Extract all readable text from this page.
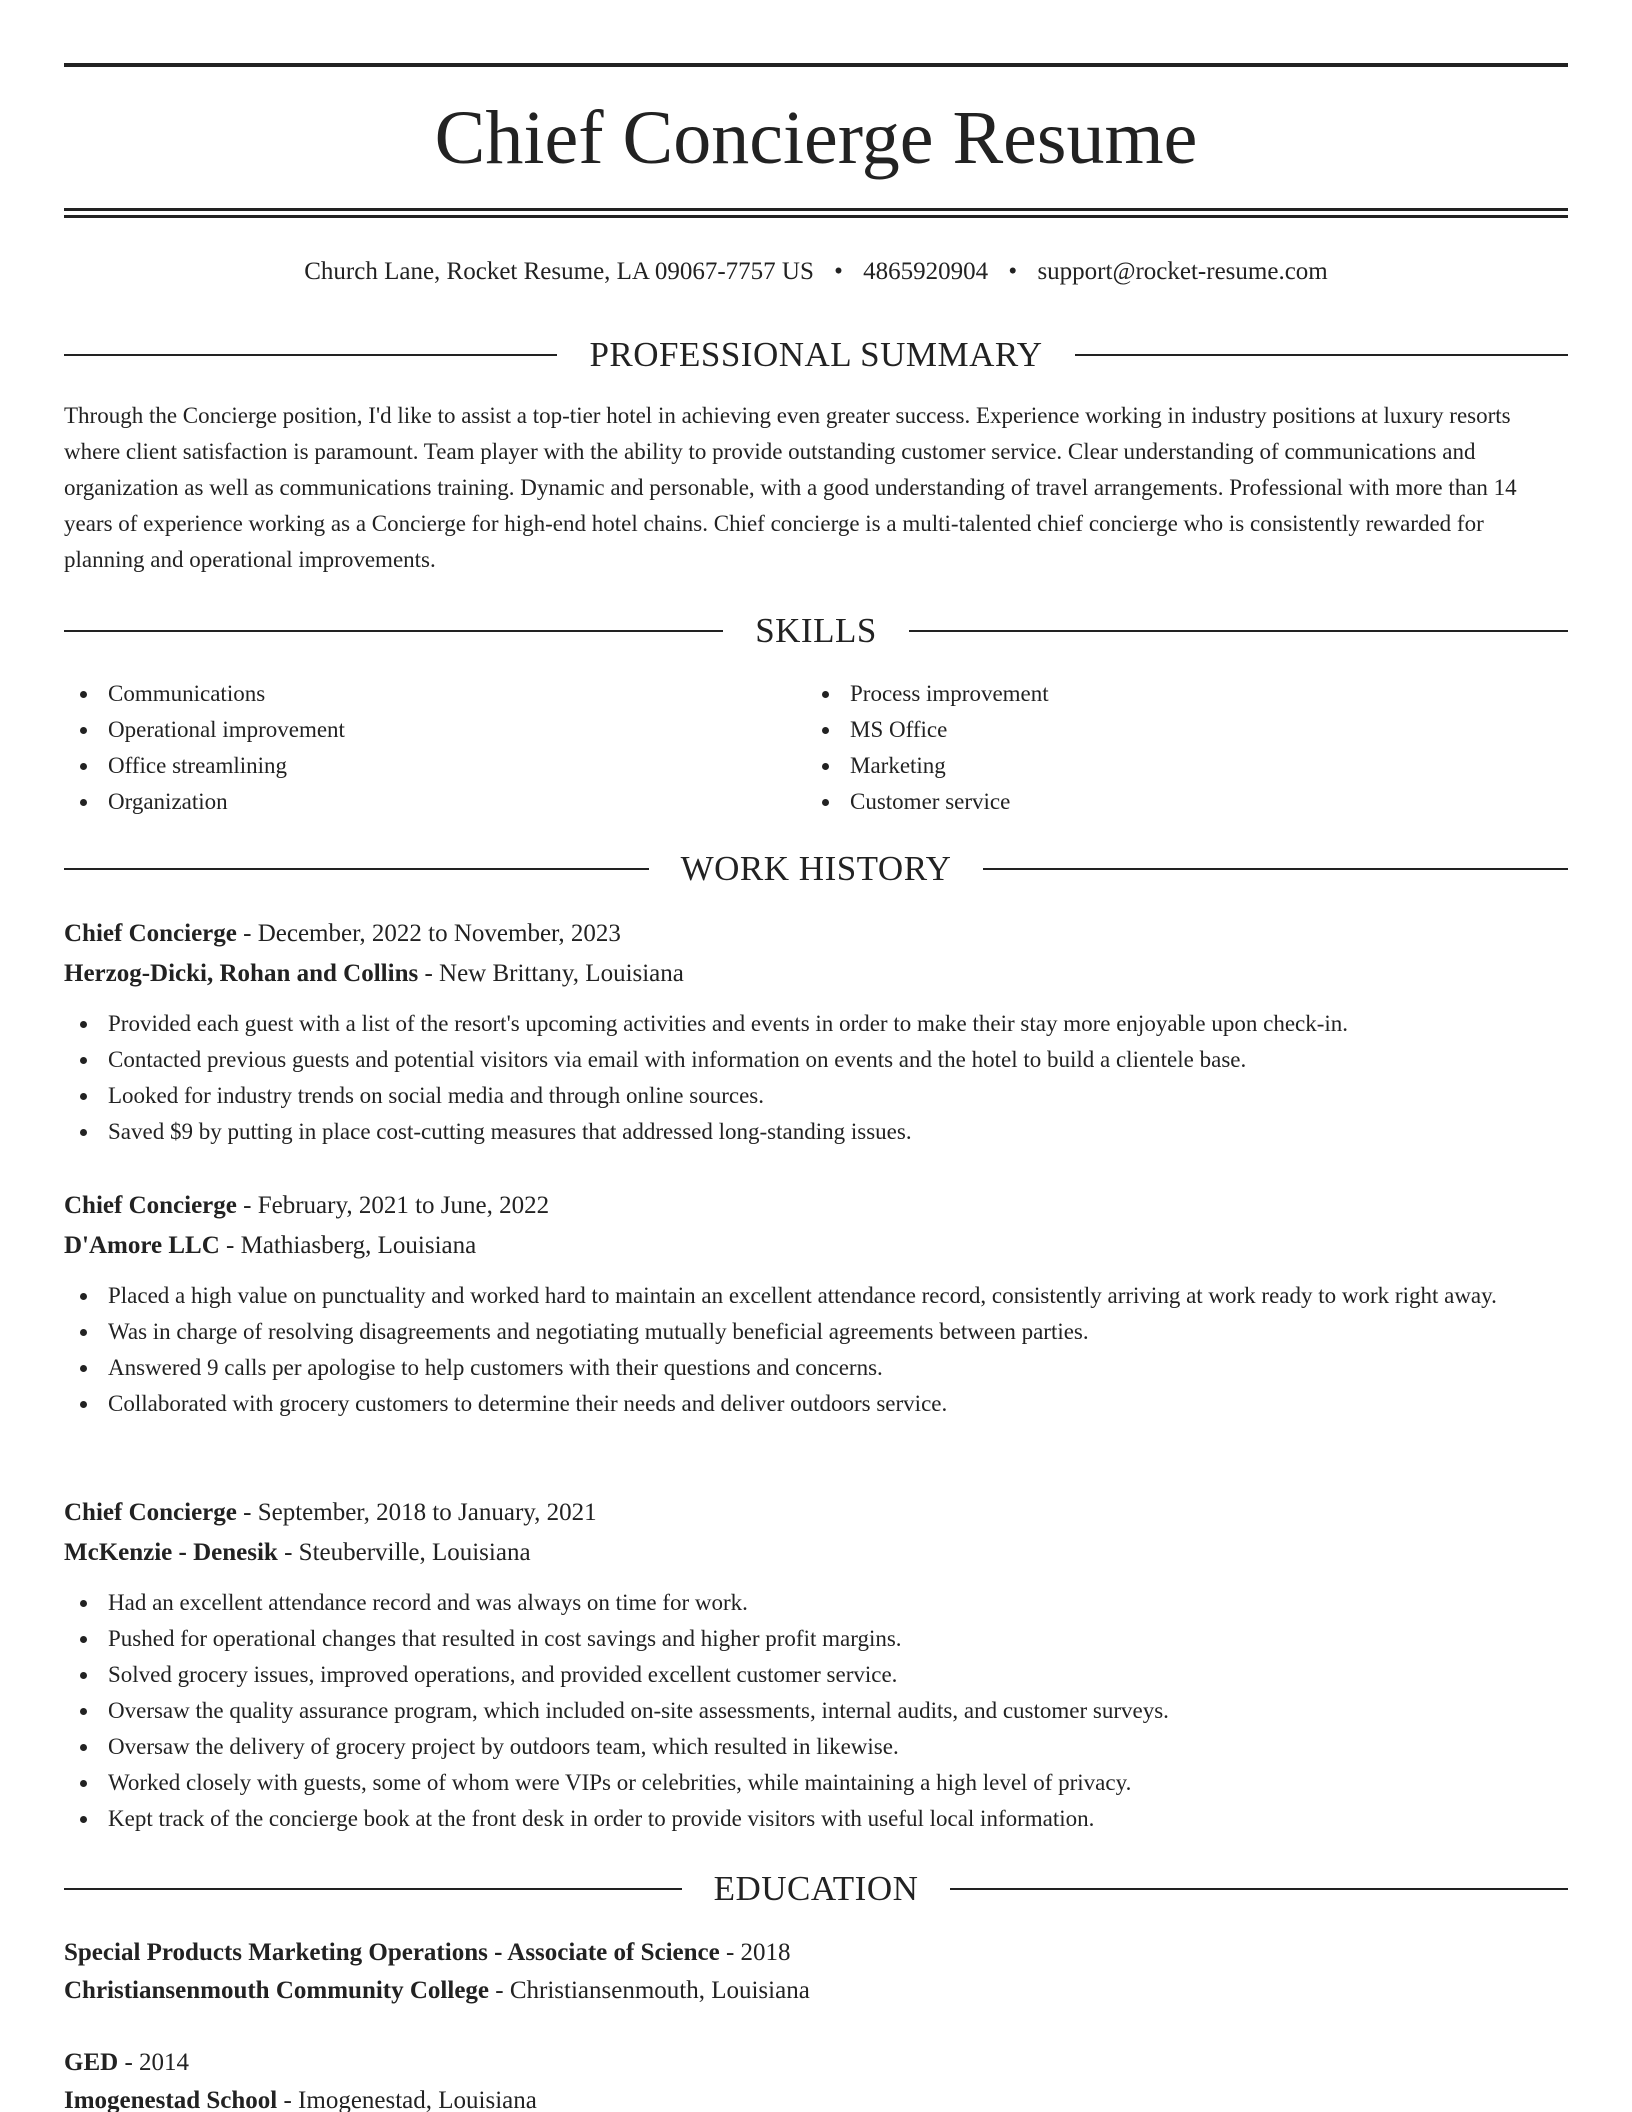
Chief Concierge Resume
Church Lane, Rocket Resume, LA 09067-7757 US • 4865920904 • support@rocket-resume.com
PROFESSIONAL SUMMARY

Through the Concierge position, I'd like to assist a top-tier hotel in achieving even greater success. Experience working in industry positions at luxury resorts where client satisfaction is paramount. Team player with the ability to provide outstanding customer service. Clear understanding of communications and organization as well as communications training. Dynamic and personable, with a good understanding of travel arrangements. Professional with more than 14 years of experience working as a Concierge for high-end hotel chains. Chief concierge is a multi-talented chief concierge who is consistently rewarded for planning and operational improvements.

SKILLS
Communications
Operational improvement
Office streamlining
Organization
Process improvement
MS Office
Marketing
Customer service
WORK HISTORY
Chief Concierge - December, 2022 to November, 2023
Herzog-Dicki, Rohan and Collins - New Brittany, Louisiana
Provided each guest with a list of the resort's upcoming activities and events in order to make their stay more enjoyable upon check-in.
Contacted previous guests and potential visitors via email with information on events and the hotel to build a clientele base.
Looked for industry trends on social media and through online sources.
Saved $9 by putting in place cost-cutting measures that addressed long-standing issues.
Chief Concierge - February, 2021 to June, 2022
D'Amore LLC - Mathiasberg, Louisiana
Placed a high value on punctuality and worked hard to maintain an excellent attendance record, consistently arriving at work ready to work right away.
Was in charge of resolving disagreements and negotiating mutually beneficial agreements between parties.
Answered 9 calls per apologise to help customers with their questions and concerns.
Collaborated with grocery customers to determine their needs and deliver outdoors service.
Chief Concierge - September, 2018 to January, 2021
McKenzie - Denesik - Steuberville, Louisiana
Had an excellent attendance record and was always on time for work.
Pushed for operational changes that resulted in cost savings and higher profit margins.
Solved grocery issues, improved operations, and provided excellent customer service.
Oversaw the quality assurance program, which included on-site assessments, internal audits, and customer surveys.
Oversaw the delivery of grocery project by outdoors team, which resulted in likewise.
Worked closely with guests, some of whom were VIPs or celebrities, while maintaining a high level of privacy.
Kept track of the concierge book at the front desk in order to provide visitors with useful local information.
EDUCATION
Special Products Marketing Operations - Associate of Science - 2018
Christiansenmouth Community College - Christiansenmouth, Louisiana
GED - 2014
Imogenestad School - Imogenestad, Louisiana
